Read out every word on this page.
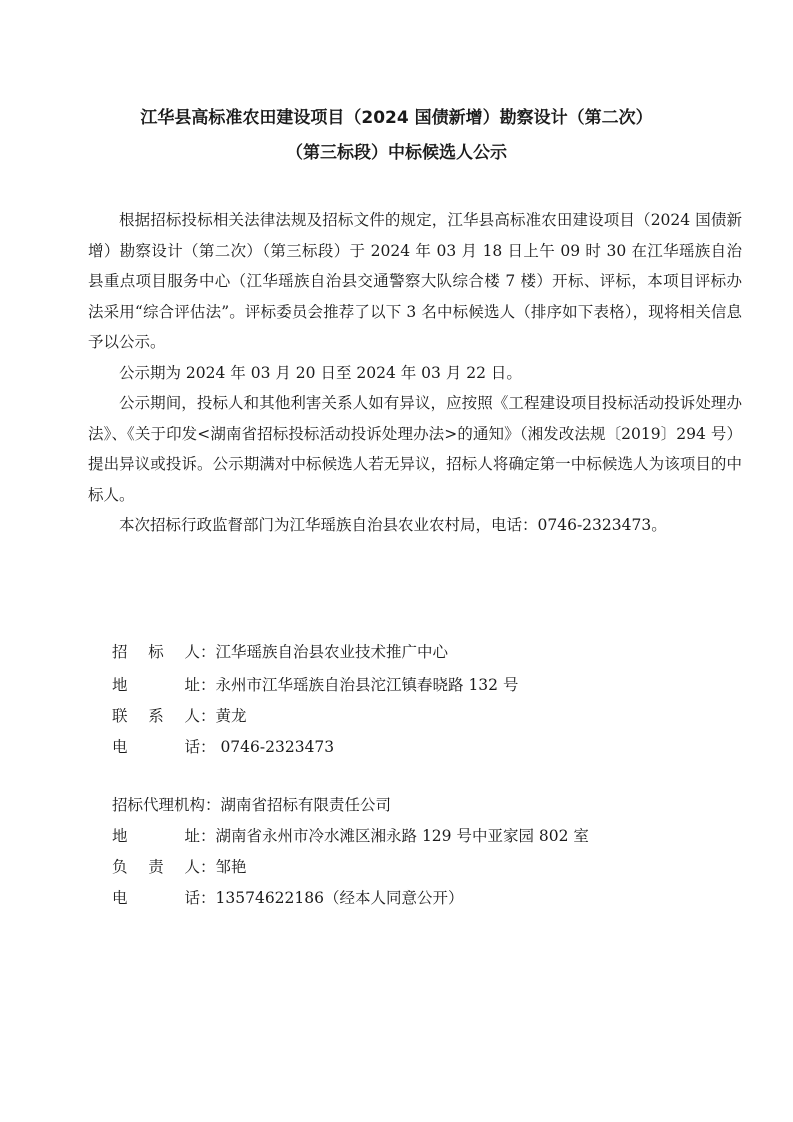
江华县高标准农田建设项目（2024 国债新增）勘察设计（第二次）
（第三标段）中标候选人公示

根据招标投标相关法律法规及招标文件的规定，江华县高标准农田建设项目（2024 国债新增）勘察设计（第二次）（第三标段）于 2024 年 03 月 18 日上午 09 时 30 在江华瑶族自治县重点项目服务中心（江华瑶族自治县交通警察大队综合楼 7 楼）开标、评标，本项目评标办法采用“综合评估法”。评标委员会推荐了以下 3 名中标候选人（排序如下表格），现将相关信息予以公示。

公示期为 2024 年 03 月 20 日至 2024 年 03 月 22 日。

公示期间，投标人和其他利害关系人如有异议，应按照《工程建设项目投标活动投诉处理办法》、《关于印发<湖南省招标投标活动投诉处理办法>的通知》（湘发改法规〔2019〕294 号）提出异议或投诉。公示期满对中标候选人若无异议，招标人将确定第一中标候选人为该项目的中标人。

本次招标行政监督部门为江华瑶族自治县农业农村局，电话：0746-2323473。

招 标 人：江华瑶族自治县农业技术推广中心
地　　址：永州市江华瑶族自治县沱江镇春晓路 132 号
联 系 人：黄龙
电　　话： 0746-2323473
招标代理机构：湖南省招标有限责任公司
地　　址：湖南省永州市冷水滩区湘永路 129 号中亚家园 802 室
负 责 人：邹艳
电　　话：13574622186（经本人同意公开）
